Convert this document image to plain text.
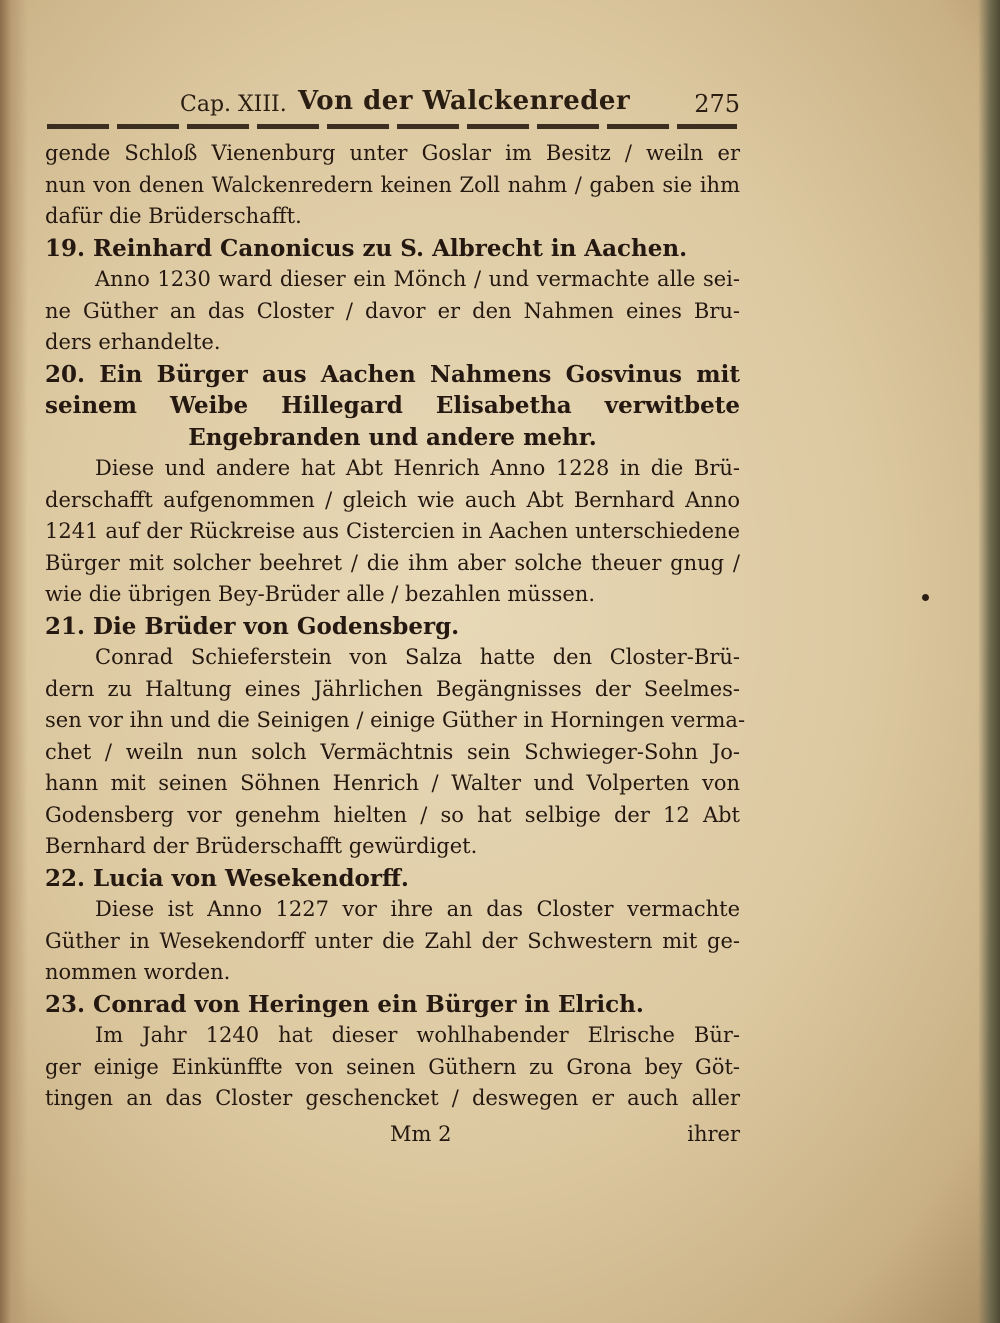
Cap. XIII. Von der Walckenreder	275
gende Schloß Vienenburg unter Goslar im Besitz / weiln er
nun von denen Walckenredern keinen Zoll nahm / gaben sie ihm
dafür die Brüderschafft.
19. Reinhard Canonicus zu S. Albrecht in Aachen.
Anno 1230 ward dieser ein Mönch / und vermachte alle sei-
ne Güther an das Closter / davor er den Nahmen eines Bru-
ders erhandelte.
20. Ein Bürger aus Aachen Nahmens Gosvinus mit
seinem Weibe Hillegard Elisabetha verwitbete
Engebranden und andere mehr.
Diese und andere hat Abt Henrich Anno 1228 in die Brü-
derschafft aufgenommen / gleich wie auch Abt Bernhard Anno
1241 auf der Rückreise aus Cistercien in Aachen unterschiedene
Bürger mit solcher beehret / die ihm aber solche theuer gnug /
wie die übrigen Bey-Brüder alle / bezahlen müssen.
21. Die Brüder von Godensberg.
Conrad Schieferstein von Salza hatte den Closter-Brü-
dern zu Haltung eines Jährlichen Begängnisses der Seelmes-
sen vor ihn und die Seinigen / einige Güther in Horningen verma-
chet / weiln nun solch Vermächtnis sein Schwieger-Sohn Jo-
hann mit seinen Söhnen Henrich / Walter und Volperten von
Godensberg vor genehm hielten / so hat selbige der 12 Abt
Bernhard der Brüderschafft gewürdiget.
22. Lucia von Wesekendorff.
Diese ist Anno 1227 vor ihre an das Closter vermachte
Güther in Wesekendorff unter die Zahl der Schwestern mit ge-
nommen worden.
23. Conrad von Heringen ein Bürger in Elrich.
Im Jahr 1240 hat dieser wohlhabender Elrische Bür-
ger einige Einkünffte von seinen Güthern zu Grona bey Göt-
tingen an das Closter geschencket / deswegen er auch aller
Mm 2	ihrer
